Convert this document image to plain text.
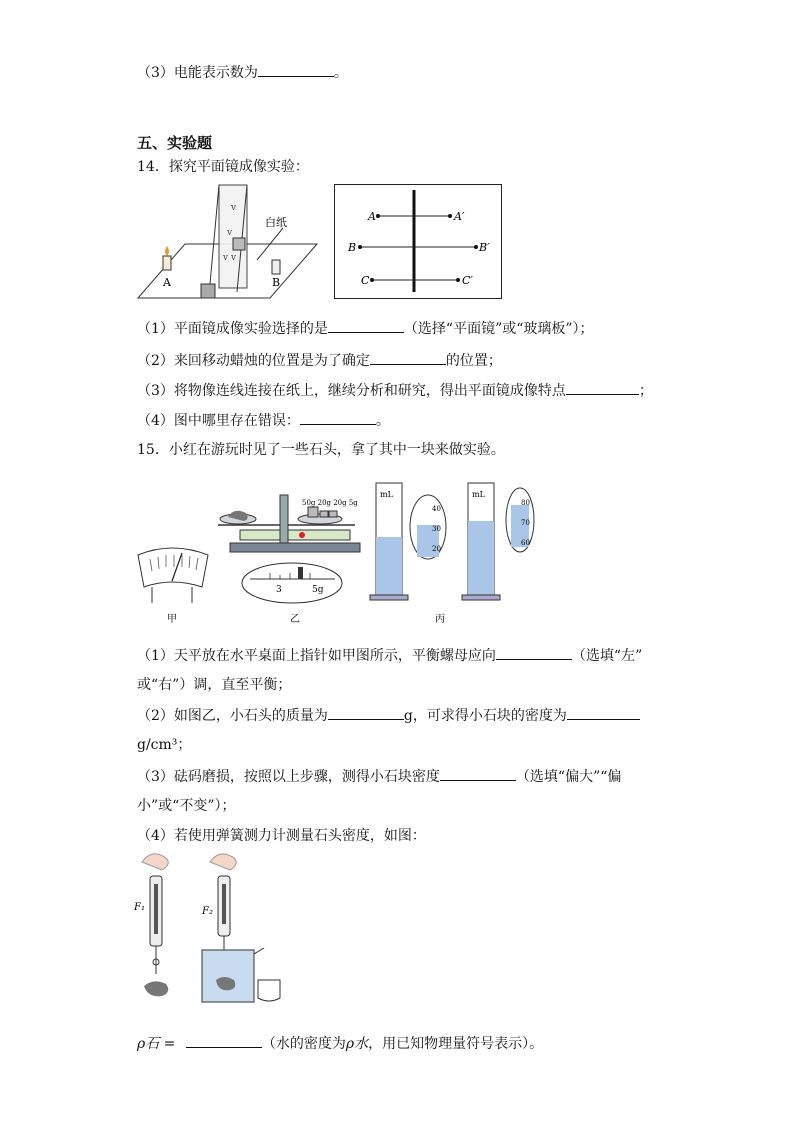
（3）电能表示数为	。
五、实验题
14．探究平面镜成像实验：
v
v
v v
白纸
A	B
A
B
C
A′
B′
C′
（1）平面镜成像实验选择的是	（选择“平面镜”或“玻璃板”）；
（2）来回移动蜡烛的位置是为了确定	的位置；
（3）将物像连线连接在纸上，继续分析和研究，得出平面镜成像特点	；
（4）图中哪里存在错误：	。
15．小红在游玩时见了一些石头，拿了其中一块来做实验。
甲
50g 20g 20g 5g
3	5g
乙
mL
40
30
20
mL
80
70
60
丙
（1）天平放在水平桌面上指针如甲图所示，平衡螺母应向	（选填“左”
或“右”）调，直至平衡；
（2）如图乙，小石头的质量为	g，可求得小石块的密度为
g/cm³；
（3）砝码磨损，按照以上步骤，测得小石块密度	（选填“偏大”“偏
小”或“不变”）；
（4）若使用弹簧测力计测量石头密度，如图：
F₁	F₂
ρ石 =	（水的密度为ρ水，用已知物理量符号表示）。
